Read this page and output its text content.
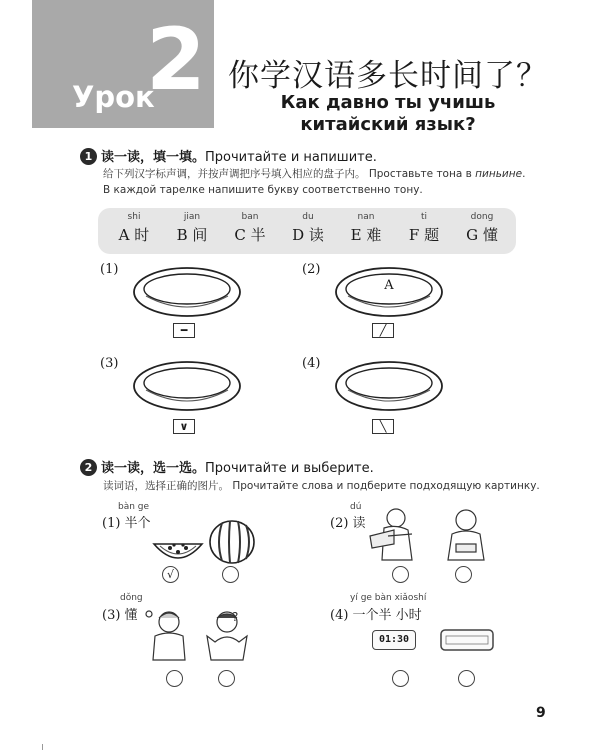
Урок
2 你学汉语多长时间了？
Как давно ты учишь
китайский язык?
1 读一读，填一填。Прочитайте и напишите.
给下列汉字标声调，并按声调把序号填入相应的盘子内。 Проставьте тона в пиньине.
В каждой тарелке напишите букву соответственно тону.
shi
A 时
jian
B 间
ban
C 半
du
D 读
nan
E 难
ti
F 题
dong
G 懂
(1)
━
(2)
A
╱
(3)
∨
(4)
╲
2 读一读，选一选。Прочитайте и выберите.
读词语，选择正确的图片。 Прочитайте слова и подберите подходящую картинку.
bàn ge
(1) 半个
√
dú
(2) 读
dǒng
(3) 懂	?
yí ge bàn xiǎoshí
(4) 一个半 小时
01:30
9
